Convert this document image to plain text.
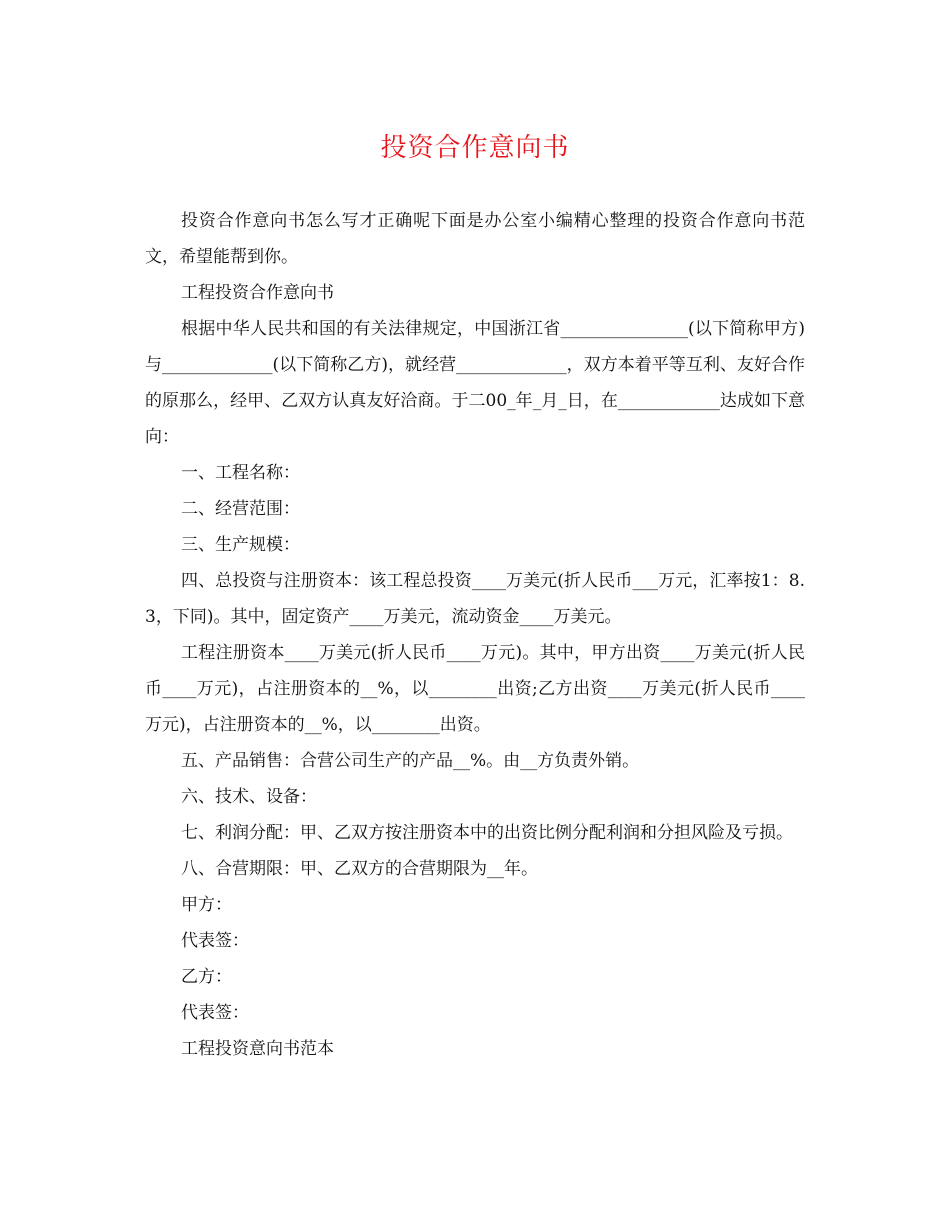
投资合作意向书

投资合作意向书怎么写才正确呢下面是办公室小编精心整理的投资合作意向书范文，希望能帮到你。

工程投资合作意向书

根据中华人民共和国的有关法律规定，中国浙江省_______________(以下简称甲方)与_____________(以下简称乙方)，就经营_____________，双方本着平等互利、友好合作的原那么，经甲、乙双方认真友好洽商。于二00_年_月_日，在____________达成如下意向：

一、工程名称：

二、经营范围：

三、生产规模：

四、总投资与注册资本：该工程总投资____万美元(折人民币___万元，汇率按1：8.3，下同)。其中，固定资产____万美元，流动资金____万美元。

工程注册资本____万美元(折人民币____万元)。其中，甲方出资____万美元(折人民币____万元)，占注册资本的__%，以________出资;乙方出资____万美元(折人民币____万元)，占注册资本的__%，以________出资。

五、产品销售：合营公司生产的产品__%。由__方负责外销。

六、技术、设备：

七、利润分配：甲、乙双方按注册资本中的出资比例分配利润和分担风险及亏损。

八、合营期限：甲、乙双方的合营期限为__年。

甲方：

代表签：

乙方：

代表签：

工程投资意向书范本
